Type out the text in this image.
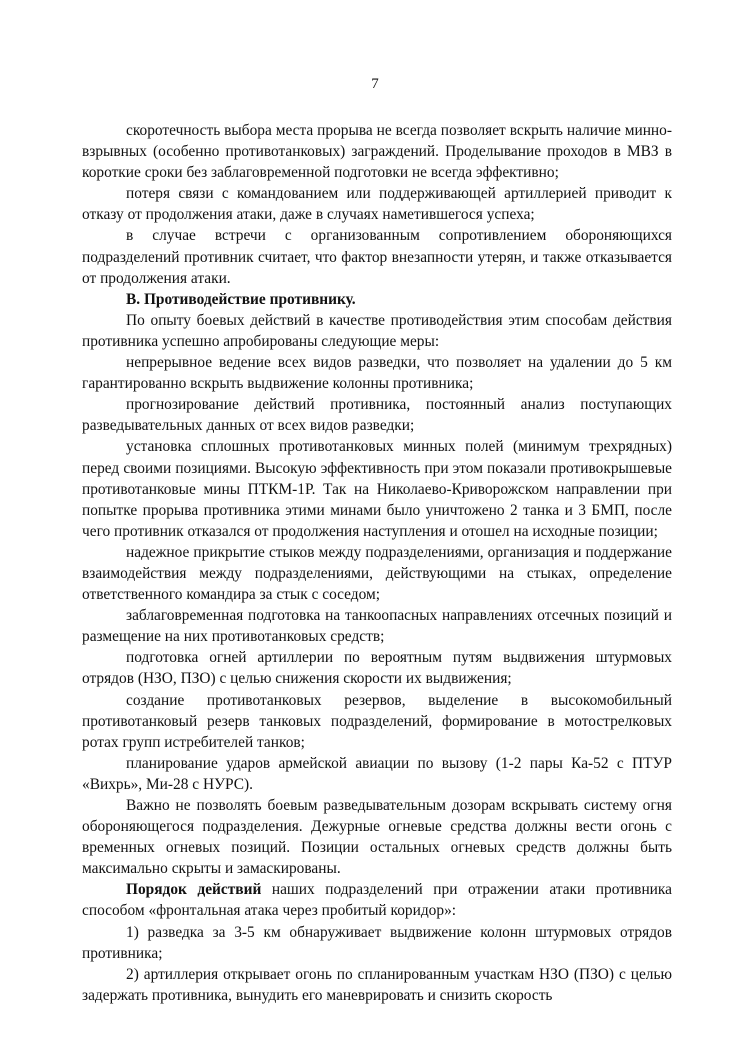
7

скоротечность выбора места прорыва не всегда позволяет вскрыть наличие минно-взрывных (особенно противотанковых) заграждений. Проделывание проходов в МВЗ в короткие сроки без заблаговременной подготовки не всегда эффективно;

потеря связи с командованием или поддерживающей артиллерией приводит к отказу от продолжения атаки, даже в случаях наметившегося успеха;

в случае встречи с организованным сопротивлением обороняющихся подразделений противник считает, что фактор внезапности утерян, и также отказывается от продолжения атаки.

В. Противодействие противнику.

По опыту боевых действий в качестве противодействия этим способам действия противника успешно апробированы следующие меры:

непрерывное ведение всех видов разведки, что позволяет на удалении до 5 км гарантированно вскрыть выдвижение колонны противника;

прогнозирование действий противника, постоянный анализ поступающих разведывательных данных от всех видов разведки;

установка сплошных противотанковых минных полей (минимум трехрядных) перед своими позициями. Высокую эффективность при этом показали противокрышевые противотанковые мины ПТКМ-1Р. Так на Николаево-Криворожском направлении при попытке прорыва противника этими минами было уничтожено 2 танка и 3 БМП, после чего противник отказался от продолжения наступления и отошел на исходные позиции;

надежное прикрытие стыков между подразделениями, организация и поддержание взаимодействия между подразделениями, действующими на стыках, определение ответственного командира за стык с соседом;

заблаговременная подготовка на танкоопасных направлениях отсечных позиций и размещение на них противотанковых средств;

подготовка огней артиллерии по вероятным путям выдвижения штурмовых отрядов (НЗО, ПЗО) с целью снижения скорости их выдвижения;

создание противотанковых резервов, выделение в высокомобильный противотанковый резерв танковых подразделений, формирование в мотострелковых ротах групп истребителей танков;

планирование ударов армейской авиации по вызову (1-2 пары Ка-52 с ПТУР «Вихрь», Ми-28 с НУРС).

Важно не позволять боевым разведывательным дозорам вскрывать систему огня обороняющегося подразделения. Дежурные огневые средства должны вести огонь с временных огневых позиций. Позиции остальных огневых средств должны быть максимально скрыты и замаскированы.

Порядок действий наших подразделений при отражении атаки противника способом «фронтальная атака через пробитый коридор»:

1) разведка за 3-5 км обнаруживает выдвижение колонн штурмовых отрядов противника;

2) артиллерия открывает огонь по спланированным участкам НЗО (ПЗО) с целью задержать противника, вынудить его маневрировать и снизить скорость
